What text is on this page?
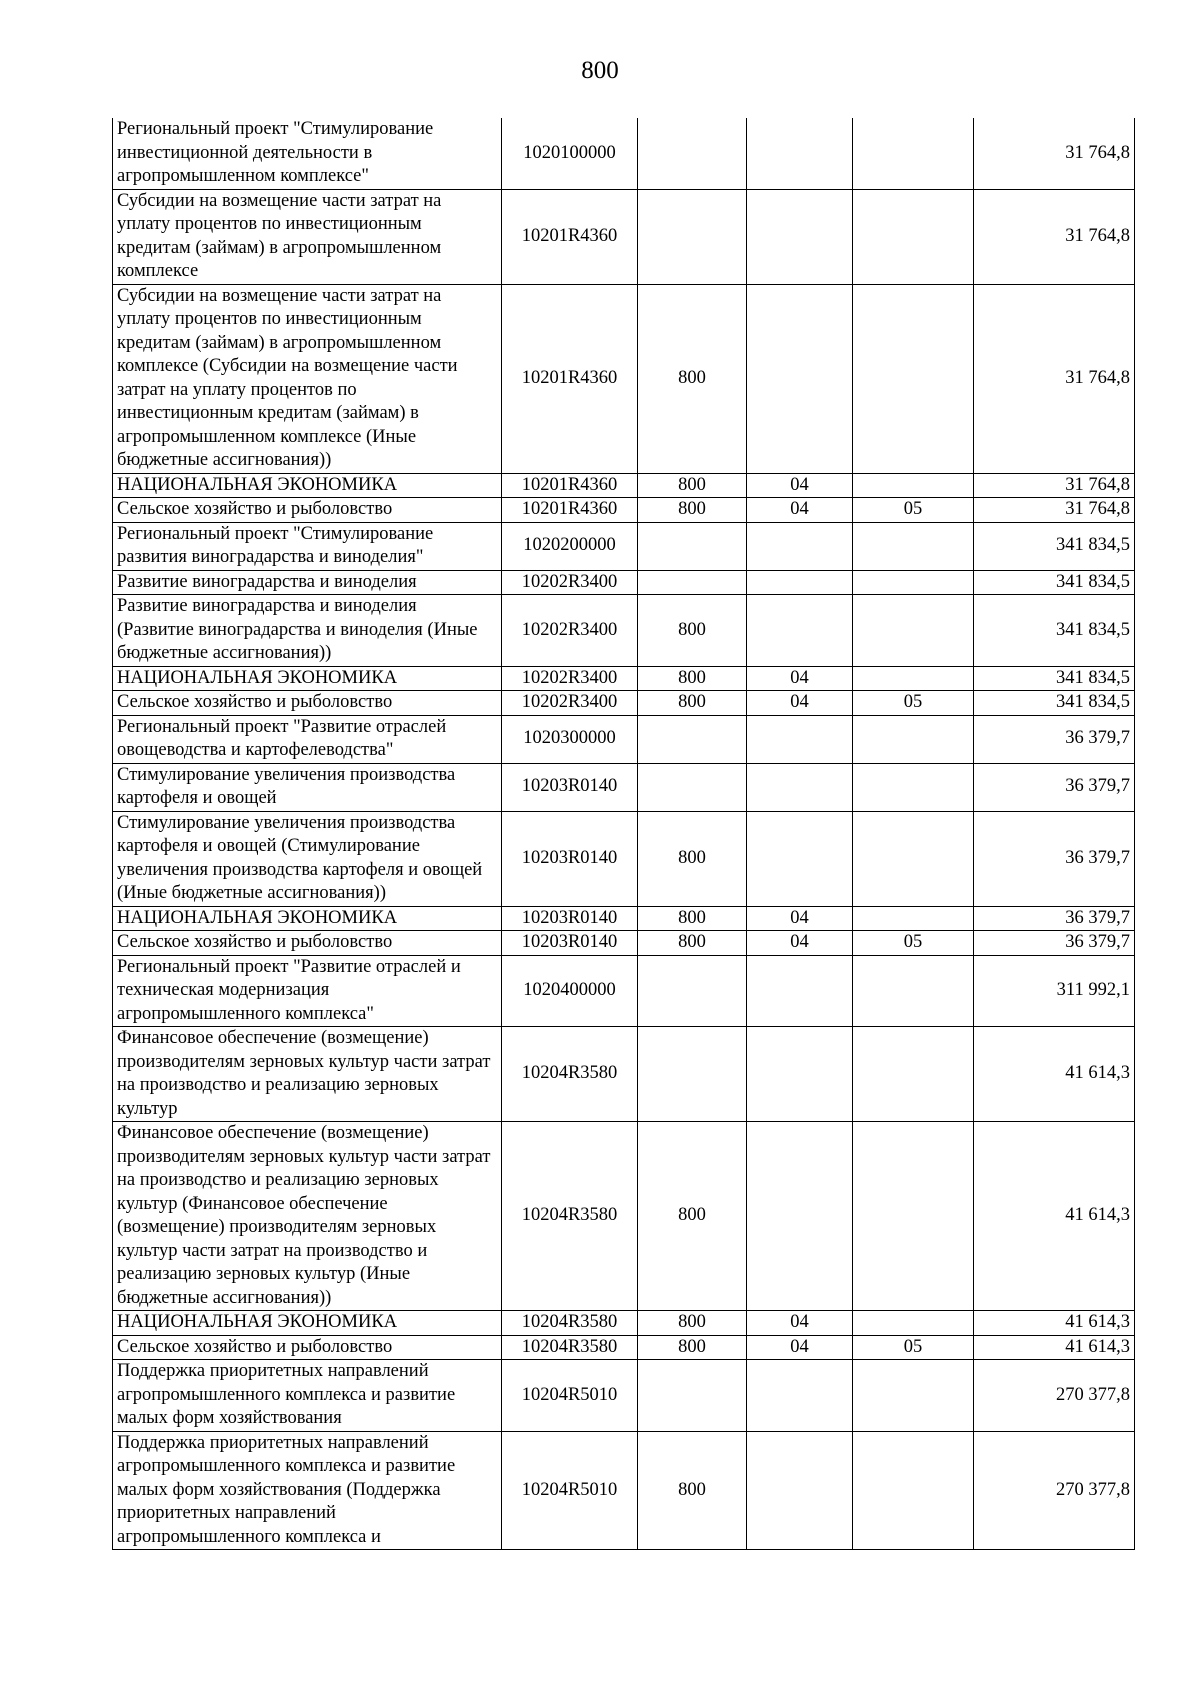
800
Региональный проект "Стимулирование инвестиционной деятельности в агропромышленном комплексе"	1020100000				31 764,8
Субсидии на возмещение части затрат на уплату процентов по инвестиционным кредитам (займам) в агропромышленном комплексе	10201R4360				31 764,8
Субсидии на возмещение части затрат на уплату процентов по инвестиционным кредитам (займам) в агропромышленном комплексе (Субсидии на возмещение части затрат на уплату процентов по инвестиционным кредитам (займам) в агропромышленном комплексе (Иные бюджетные ассигнования))	10201R4360	800			31 764,8
НАЦИОНАЛЬНАЯ ЭКОНОМИКА	10201R4360	800	04		31 764,8
Сельское хозяйство и рыболовство	10201R4360	800	04	05	31 764,8
Региональный проект "Стимулирование развития виноградарства и виноделия"	1020200000				341 834,5
Развитие виноградарства и виноделия	10202R3400				341 834,5
Развитие виноградарства и виноделия (Развитие виноградарства и виноделия (Иные бюджетные ассигнования))	10202R3400	800			341 834,5
НАЦИОНАЛЬНАЯ ЭКОНОМИКА	10202R3400	800	04		341 834,5
Сельское хозяйство и рыболовство	10202R3400	800	04	05	341 834,5
Региональный проект "Развитие отраслей овощеводства и картофелеводства"	1020300000				36 379,7
Стимулирование увеличения производства картофеля и овощей	10203R0140				36 379,7
Стимулирование увеличения производства картофеля и овощей (Стимулирование увеличения производства картофеля и овощей (Иные бюджетные ассигнования))	10203R0140	800			36 379,7
НАЦИОНАЛЬНАЯ ЭКОНОМИКА	10203R0140	800	04		36 379,7
Сельское хозяйство и рыболовство	10203R0140	800	04	05	36 379,7
Региональный проект "Развитие отраслей и техническая модернизация агропромышленного комплекса"	1020400000				311 992,1
Финансовое обеспечение (возмещение) производителям зерновых культур части затрат на производство и реализацию зерновых культур	10204R3580				41 614,3
Финансовое обеспечение (возмещение) производителям зерновых культур части затрат на производство и реализацию зерновых культур (Финансовое обеспечение (возмещение) производителям зерновых культур части затрат на производство и реализацию зерновых культур (Иные бюджетные ассигнования))	10204R3580	800			41 614,3
НАЦИОНАЛЬНАЯ ЭКОНОМИКА	10204R3580	800	04		41 614,3
Сельское хозяйство и рыболовство	10204R3580	800	04	05	41 614,3
Поддержка приоритетных направлений агропромышленного комплекса и развитие малых форм хозяйствования	10204R5010				270 377,8
Поддержка приоритетных направлений агропромышленного комплекса и развитие малых форм хозяйствования (Поддержка приоритетных направлений агропромышленного комплекса и	10204R5010	800			270 377,8
